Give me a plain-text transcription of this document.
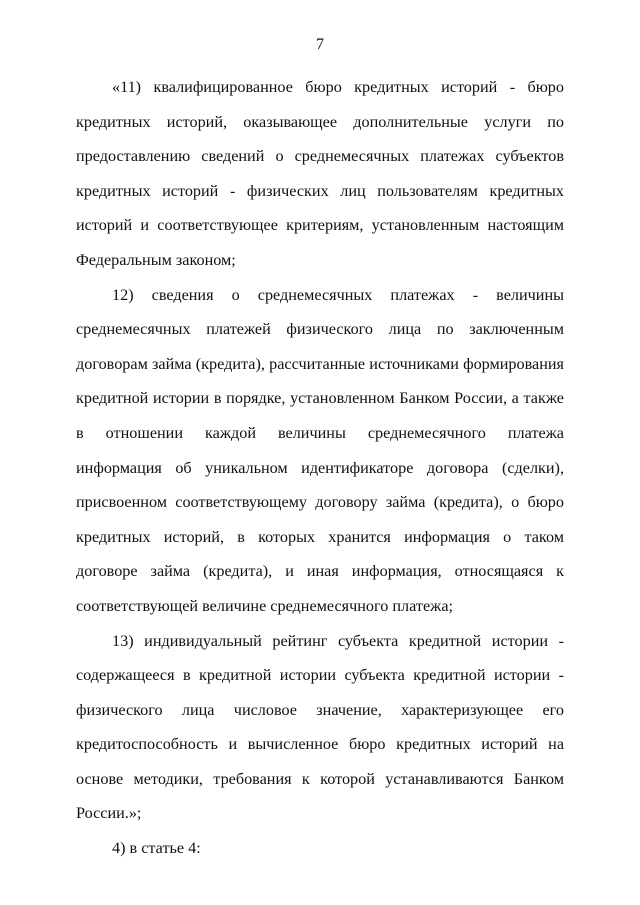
7

«11) квалифицированное бюро кредитных историй - бюро кредитных историй, оказывающее дополнительные услуги по предоставлению сведений о среднемесячных платежах субъектов кредитных историй - физических лиц пользователям кредитных историй и соответствующее критериям, установленным настоящим Федеральным законом;

12) сведения о среднемесячных платежах - величины среднемесячных платежей физического лица по заключенным договорам займа (кредита), рассчитанные источниками формирования кредитной истории в порядке, установленном Банком России, а также в отношении каждой величины среднемесячного платежа информация об уникальном идентификаторе договора (сделки), присвоенном соответствующему договору займа (кредита), о бюро кредитных историй, в которых хранится информация о таком договоре займа (кредита), и иная информация, относящаяся к соответствующей величине среднемесячного платежа;

13) индивидуальный рейтинг субъекта кредитной истории - содержащееся в кредитной истории субъекта кредитной истории - физического лица числовое значение, характеризующее его кредитоспособность и вычисленное бюро кредитных историй на основе методики, требования к которой устанавливаются Банком России.»;

4) в статье 4:
